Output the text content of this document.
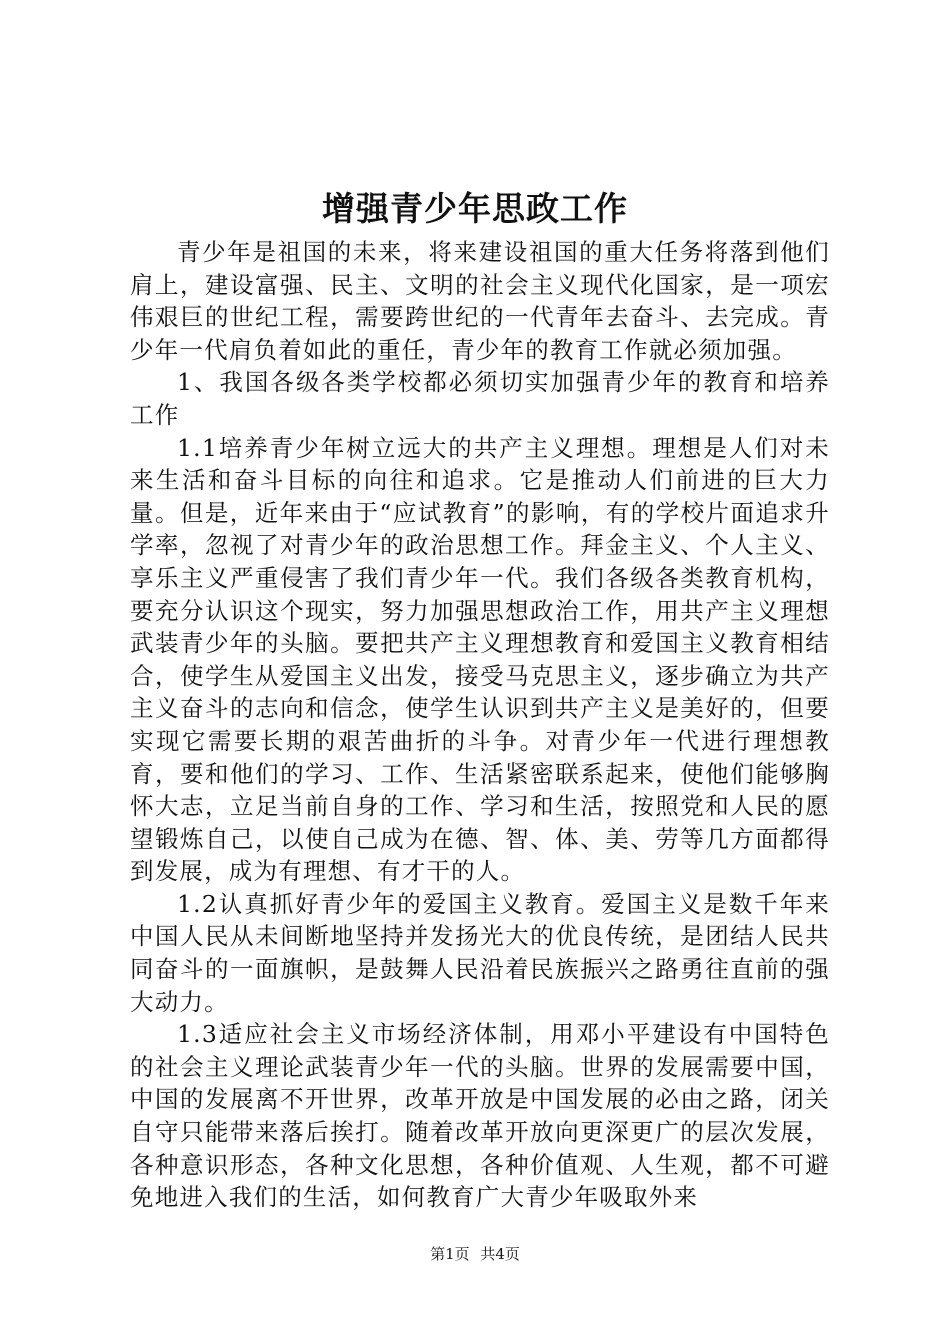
增强青少年思政工作

青少年是祖国的未来，将来建设祖国的重大任务将落到他们肩上，建设富强、民主、文明的社会主义现代化国家，是一项宏伟艰巨的世纪工程，需要跨世纪的一代青年去奋斗、去完成。青少年一代肩负着如此的重任，青少年的教育工作就必须加强。

1、我国各级各类学校都必须切实加强青少年的教育和培养工作

1.1培养青少年树立远大的共产主义理想。理想是人们对未来生活和奋斗目标的向往和追求。它是推动人们前进的巨大力量。但是，近年来由于“应试教育”的影响，有的学校片面追求升学率，忽视了对青少年的政治思想工作。拜金主义、个人主义、享乐主义严重侵害了我们青少年一代。我们各级各类教育机构，要充分认识这个现实，努力加强思想政治工作，用共产主义理想武装青少年的头脑。要把共产主义理想教育和爱国主义教育相结合，使学生从爱国主义出发，接受马克思主义，逐步确立为共产主义奋斗的志向和信念，使学生认识到共产主义是美好的，但要实现它需要长期的艰苦曲折的斗争。对青少年一代进行理想教育，要和他们的学习、工作、生活紧密联系起来，使他们能够胸怀大志，立足当前自身的工作、学习和生活，按照党和人民的愿望锻炼自己，以使自己成为在德、智、体、美、劳等几方面都得到发展，成为有理想、有才干的人。

1.2认真抓好青少年的爱国主义教育。爱国主义是数千年来中国人民从未间断地坚持并发扬光大的优良传统，是团结人民共同奋斗的一面旗帜，是鼓舞人民沿着民族振兴之路勇往直前的强大动力。

1.3适应社会主义市场经济体制，用邓小平建设有中国特色的社会主义理论武装青少年一代的头脑。世界的发展需要中国，中国的发展离不开世界，改革开放是中国发展的必由之路，闭关自守只能带来落后挨打。随着改革开放向更深更广的层次发展，各种意识形态，各种文化思想，各种价值观、人生观，都不可避免地进入我们的生活，如何教育广大青少年吸取外来

第1页 共4页
